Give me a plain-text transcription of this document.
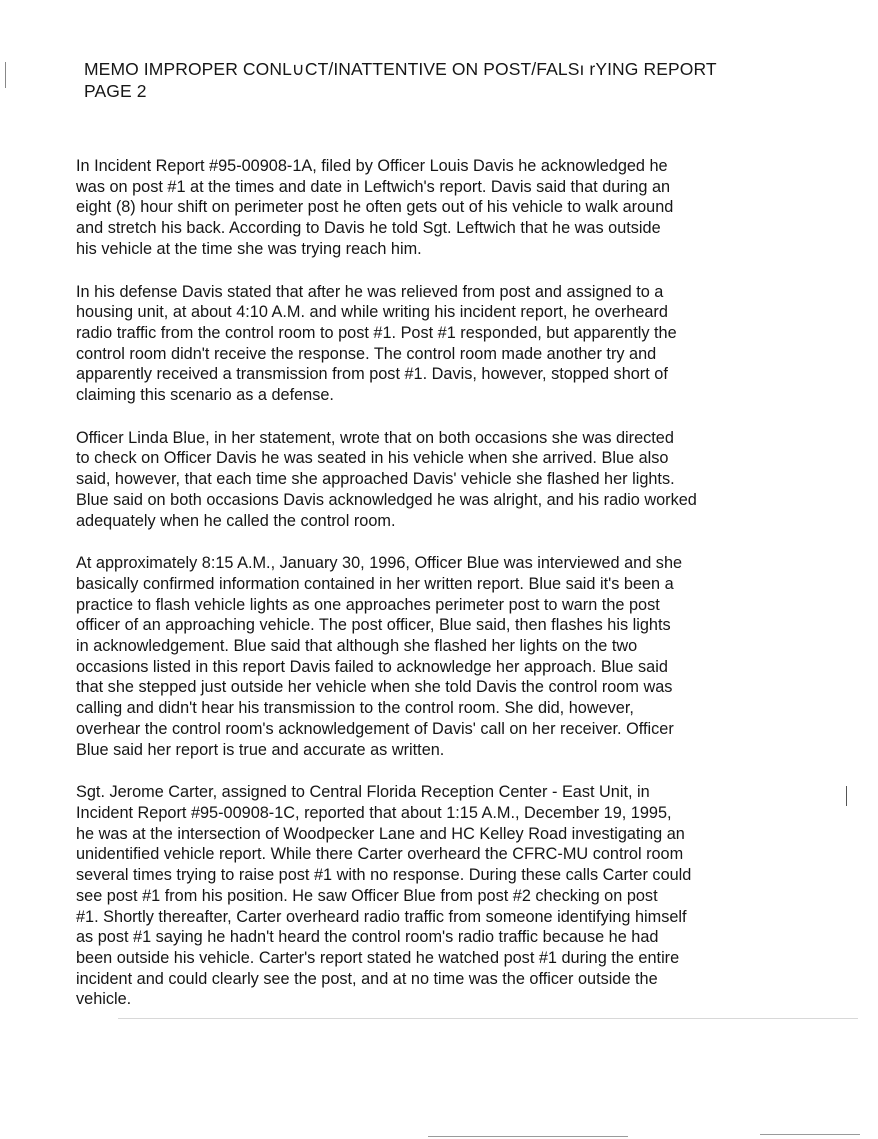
MEMO IMPROPER CONL∪CT/INATTENTIVE ON POST/FALSı rYING REPORT
PAGE 2

In Incident Report #95-00908-1A, filed by Officer Louis Davis he acknowledged he
was on post #1 at the times and date in Leftwich's report. Davis said that during an
eight (8) hour shift on perimeter post he often gets out of his vehicle to walk around
and stretch his back. According to Davis he told Sgt. Leftwich that he was outside
his vehicle at the time she was trying reach him.

In his defense Davis stated that after he was relieved from post and assigned to a
housing unit, at about 4:10 A.M. and while writing his incident report, he overheard
radio traffic from the control room to post #1. Post #1 responded, but apparently the
control room didn't receive the response. The control room made another try and
apparently received a transmission from post #1. Davis, however, stopped short of
claiming this scenario as a defense.

Officer Linda Blue, in her statement, wrote that on both occasions she was directed
to check on Officer Davis he was seated in his vehicle when she arrived. Blue also
said, however, that each time she approached Davis' vehicle she flashed her lights.
Blue said on both occasions Davis acknowledged he was alright, and his radio worked
adequately when he called the control room.

At approximately 8:15 A.M., January 30, 1996, Officer Blue was interviewed and she
basically confirmed information contained in her written report. Blue said it's been a
practice to flash vehicle lights as one approaches perimeter post to warn the post
officer of an approaching vehicle. The post officer, Blue said, then flashes his lights
in acknowledgement. Blue said that although she flashed her lights on the two
occasions listed in this report Davis failed to acknowledge her approach. Blue said
that she stepped just outside her vehicle when she told Davis the control room was
calling and didn't hear his transmission to the control room. She did, however,
overhear the control room's acknowledgement of Davis' call on her receiver. Officer
Blue said her report is true and accurate as written.

Sgt. Jerome Carter, assigned to Central Florida Reception Center - East Unit, in
Incident Report #95-00908-1C, reported that about 1:15 A.M., December 19, 1995,
he was at the intersection of Woodpecker Lane and HC Kelley Road investigating an
unidentified vehicle report. While there Carter overheard the CFRC-MU control room
several times trying to raise post #1 with no response. During these calls Carter could
see post #1 from his position. He saw Officer Blue from post #2 checking on post
#1. Shortly thereafter, Carter overheard radio traffic from someone identifying himself
as post #1 saying he hadn't heard the control room's radio traffic because he had
been outside his vehicle. Carter's report stated he watched post #1 during the entire
incident and could clearly see the post, and at no time was the officer outside the
vehicle.
